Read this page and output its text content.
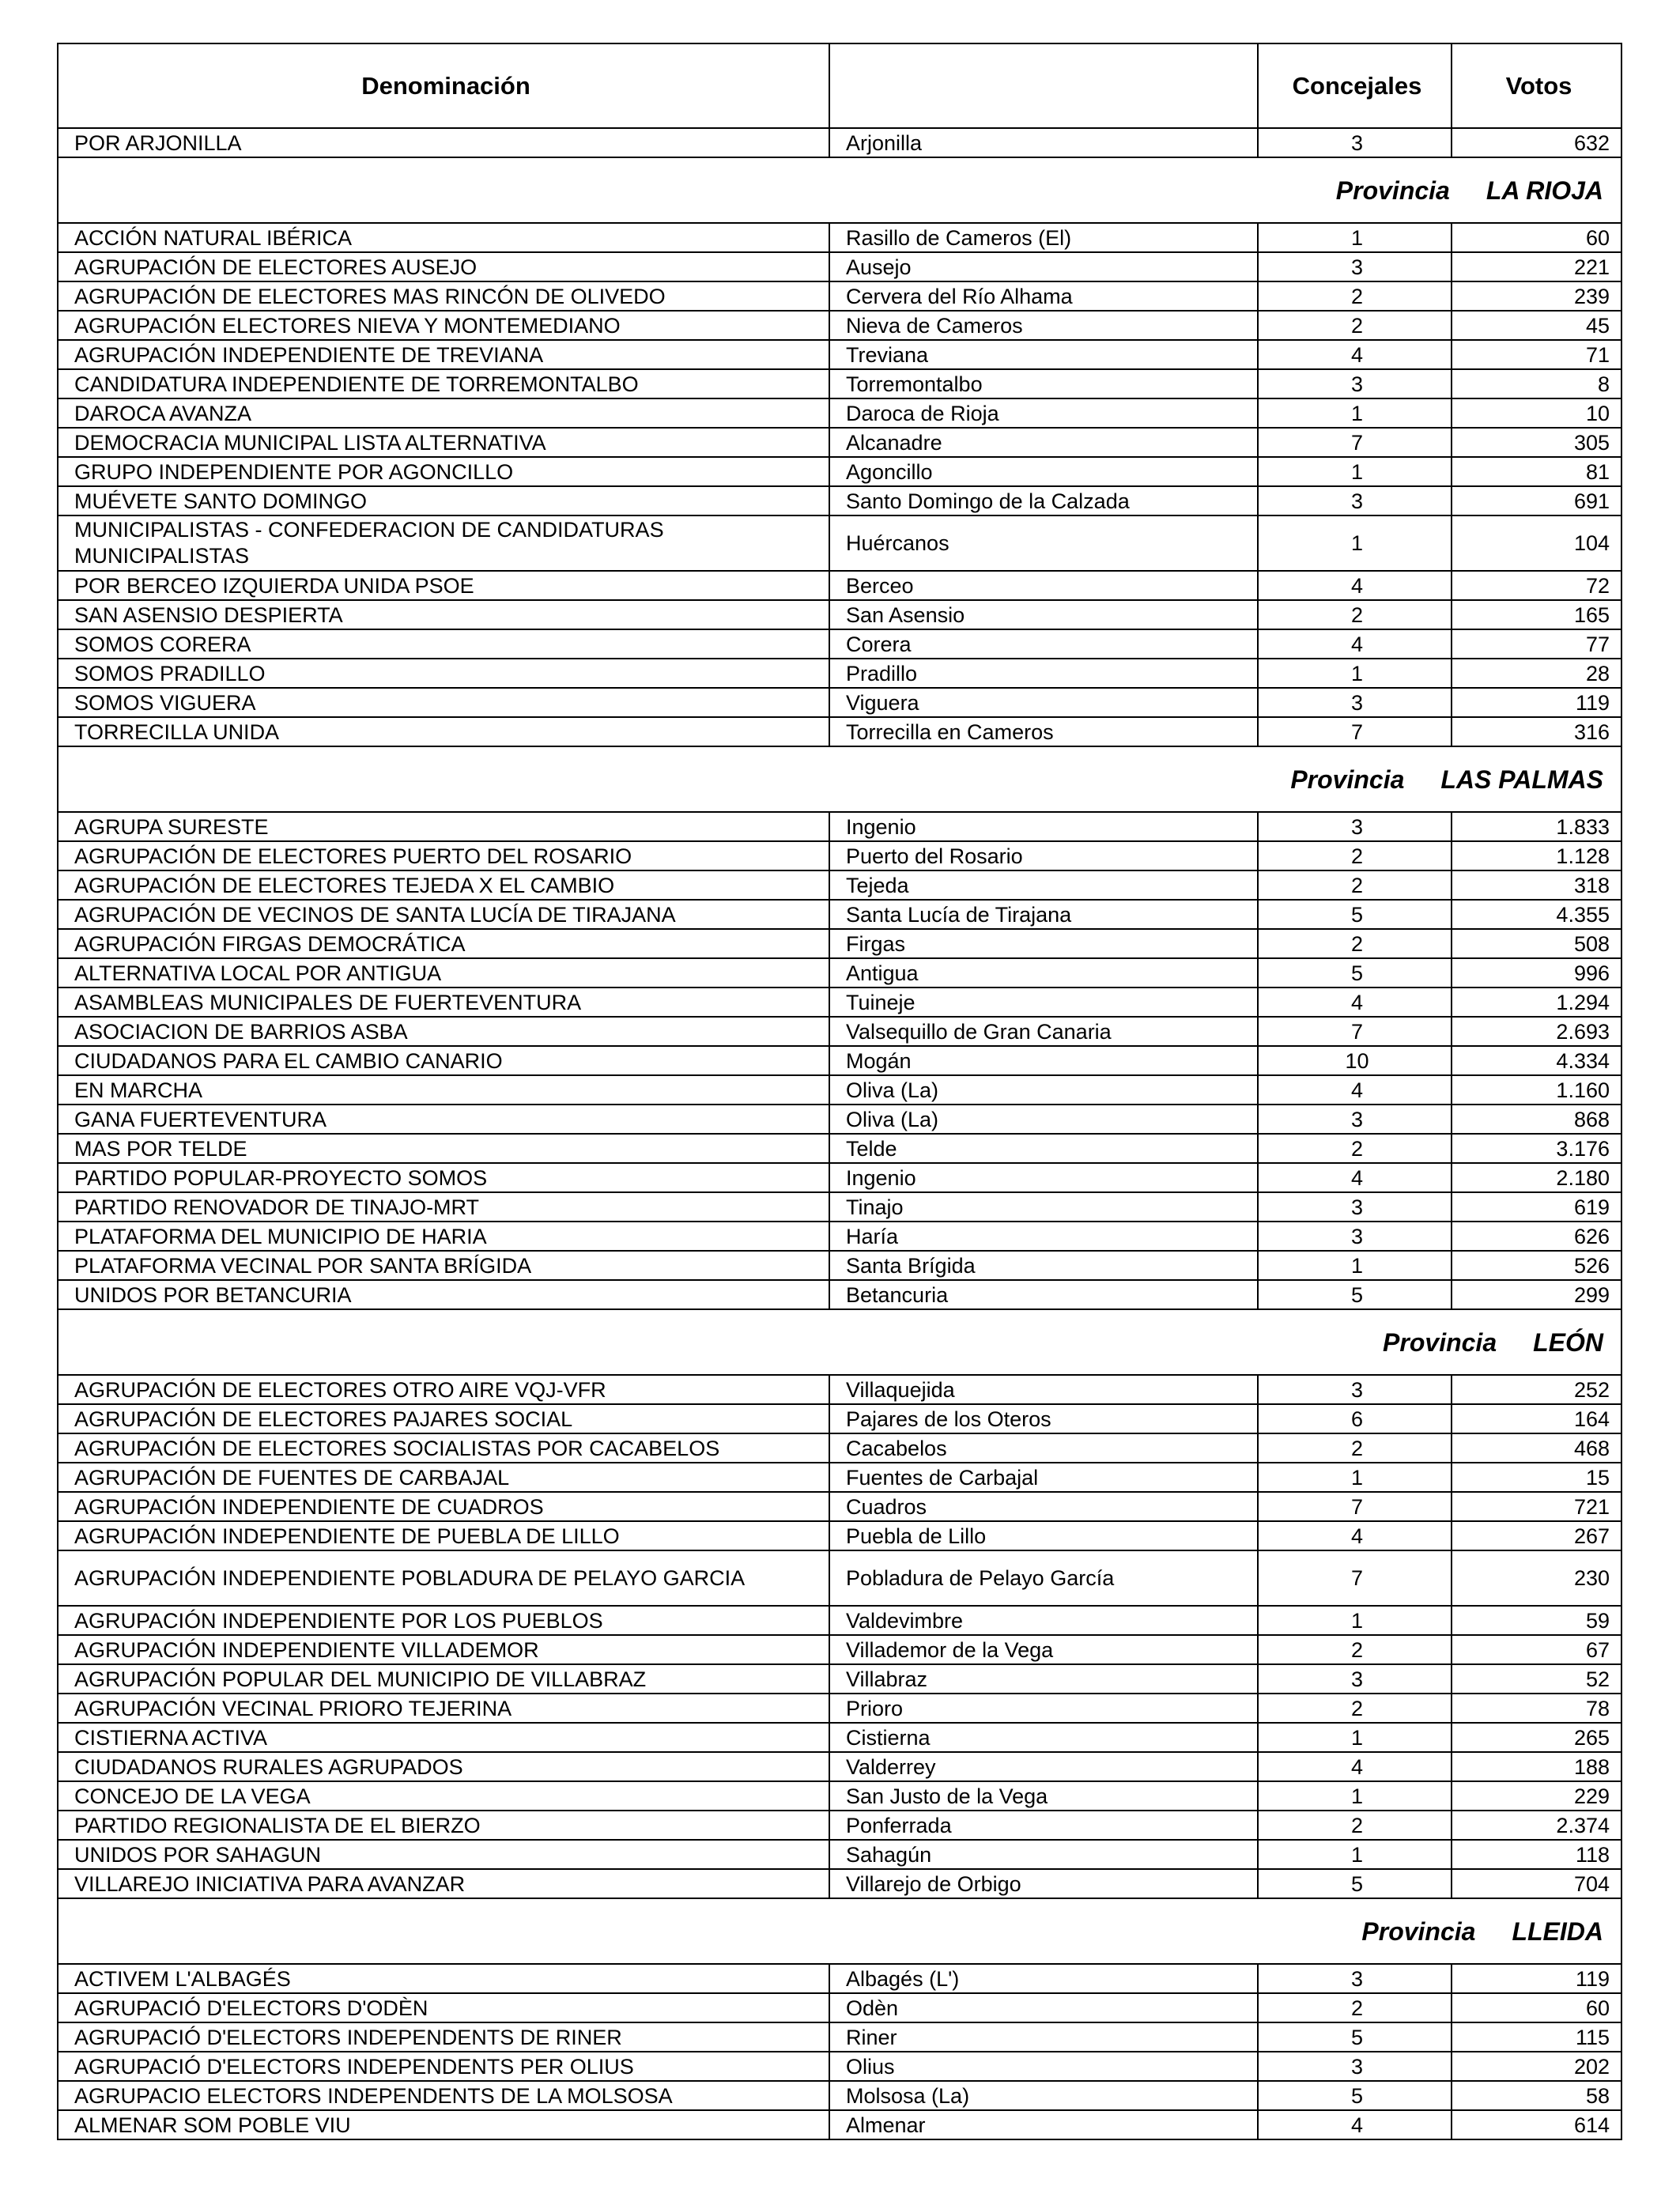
Denominación		Concejales	Votos
POR ARJONILLA	Arjonilla	3	632
Provincia LA RIOJA			
ACCIÓN NATURAL IBÉRICA	Rasillo de Cameros (El)	1	60
AGRUPACIÓN DE ELECTORES AUSEJO	Ausejo	3	221
AGRUPACIÓN DE ELECTORES MAS RINCÓN DE OLIVEDO	Cervera del Río Alhama	2	239
AGRUPACIÓN ELECTORES NIEVA Y MONTEMEDIANO	Nieva de Cameros	2	45
AGRUPACIÓN INDEPENDIENTE DE TREVIANA	Treviana	4	71
CANDIDATURA INDEPENDIENTE DE TORREMONTALBO	Torremontalbo	3	8
DAROCA AVANZA	Daroca de Rioja	1	10
DEMOCRACIA MUNICIPAL LISTA ALTERNATIVA	Alcanadre	7	305
GRUPO INDEPENDIENTE POR AGONCILLO	Agoncillo	1	81
MUÉVETE SANTO DOMINGO	Santo Domingo de la Calzada	3	691
MUNICIPALISTAS - CONFEDERACION DE CANDIDATURAS MUNICIPALISTAS	Huércanos	1	104
POR BERCEO IZQUIERDA UNIDA PSOE	Berceo	4	72
SAN ASENSIO DESPIERTA	San Asensio	2	165
SOMOS CORERA	Corera	4	77
SOMOS PRADILLO	Pradillo	1	28
SOMOS VIGUERA	Viguera	3	119
TORRECILLA UNIDA	Torrecilla en Cameros	7	316
Provincia LAS PALMAS			
AGRUPA SURESTE	Ingenio	3	1.833
AGRUPACIÓN DE ELECTORES PUERTO DEL ROSARIO	Puerto del Rosario	2	1.128
AGRUPACIÓN DE ELECTORES TEJEDA X EL CAMBIO	Tejeda	2	318
AGRUPACIÓN DE VECINOS DE SANTA LUCÍA DE TIRAJANA	Santa Lucía de Tirajana	5	4.355
AGRUPACIÓN FIRGAS DEMOCRÁTICA	Firgas	2	508
ALTERNATIVA LOCAL POR ANTIGUA	Antigua	5	996
ASAMBLEAS MUNICIPALES DE FUERTEVENTURA	Tuineje	4	1.294
ASOCIACION DE BARRIOS ASBA	Valsequillo de Gran Canaria	7	2.693
CIUDADANOS PARA EL CAMBIO CANARIO	Mogán	10	4.334
EN MARCHA	Oliva (La)	4	1.160
GANA FUERTEVENTURA	Oliva (La)	3	868
MAS POR TELDE	Telde	2	3.176
PARTIDO POPULAR-PROYECTO SOMOS	Ingenio	4	2.180
PARTIDO RENOVADOR DE TINAJO-MRT	Tinajo	3	619
PLATAFORMA DEL MUNICIPIO DE HARIA	Haría	3	626
PLATAFORMA VECINAL POR SANTA BRÍGIDA	Santa Brígida	1	526
UNIDOS POR BETANCURIA	Betancuria	5	299
Provincia LEÓN			
AGRUPACIÓN DE ELECTORES OTRO AIRE VQJ-VFR	Villaquejida	3	252
AGRUPACIÓN DE ELECTORES PAJARES SOCIAL	Pajares de los Oteros	6	164
AGRUPACIÓN DE ELECTORES SOCIALISTAS POR CACABELOS	Cacabelos	2	468
AGRUPACIÓN DE FUENTES DE CARBAJAL	Fuentes de Carbajal	1	15
AGRUPACIÓN INDEPENDIENTE DE CUADROS	Cuadros	7	721
AGRUPACIÓN INDEPENDIENTE DE PUEBLA DE LILLO	Puebla de Lillo	4	267
AGRUPACIÓN INDEPENDIENTE POBLADURA DE PELAYO GARCIA	Pobladura de Pelayo García	7	230
AGRUPACIÓN INDEPENDIENTE POR LOS PUEBLOS	Valdevimbre	1	59
AGRUPACIÓN INDEPENDIENTE VILLADEMOR	Villademor de la Vega	2	67
AGRUPACIÓN POPULAR DEL MUNICIPIO DE VILLABRAZ	Villabraz	3	52
AGRUPACIÓN VECINAL PRIORO TEJERINA	Prioro	2	78
CISTIERNA ACTIVA	Cistierna	1	265
CIUDADANOS RURALES AGRUPADOS	Valderrey	4	188
CONCEJO DE LA VEGA	San Justo de la Vega	1	229
PARTIDO REGIONALISTA DE EL BIERZO	Ponferrada	2	2.374
UNIDOS POR SAHAGUN	Sahagún	1	118
VILLAREJO INICIATIVA PARA AVANZAR	Villarejo de Orbigo	5	704
Provincia LLEIDA			
ACTIVEM L'ALBAGÉS	Albagés (L')	3	119
AGRUPACIÓ D'ELECTORS D'ODÈN	Odèn	2	60
AGRUPACIÓ D'ELECTORS INDEPENDENTS DE RINER	Riner	5	115
AGRUPACIÓ D'ELECTORS INDEPENDENTS PER OLIUS	Olius	3	202
AGRUPACIO ELECTORS INDEPENDENTS DE LA MOLSOSA	Molsosa (La)	5	58
ALMENAR SOM POBLE VIU	Almenar	4	614
